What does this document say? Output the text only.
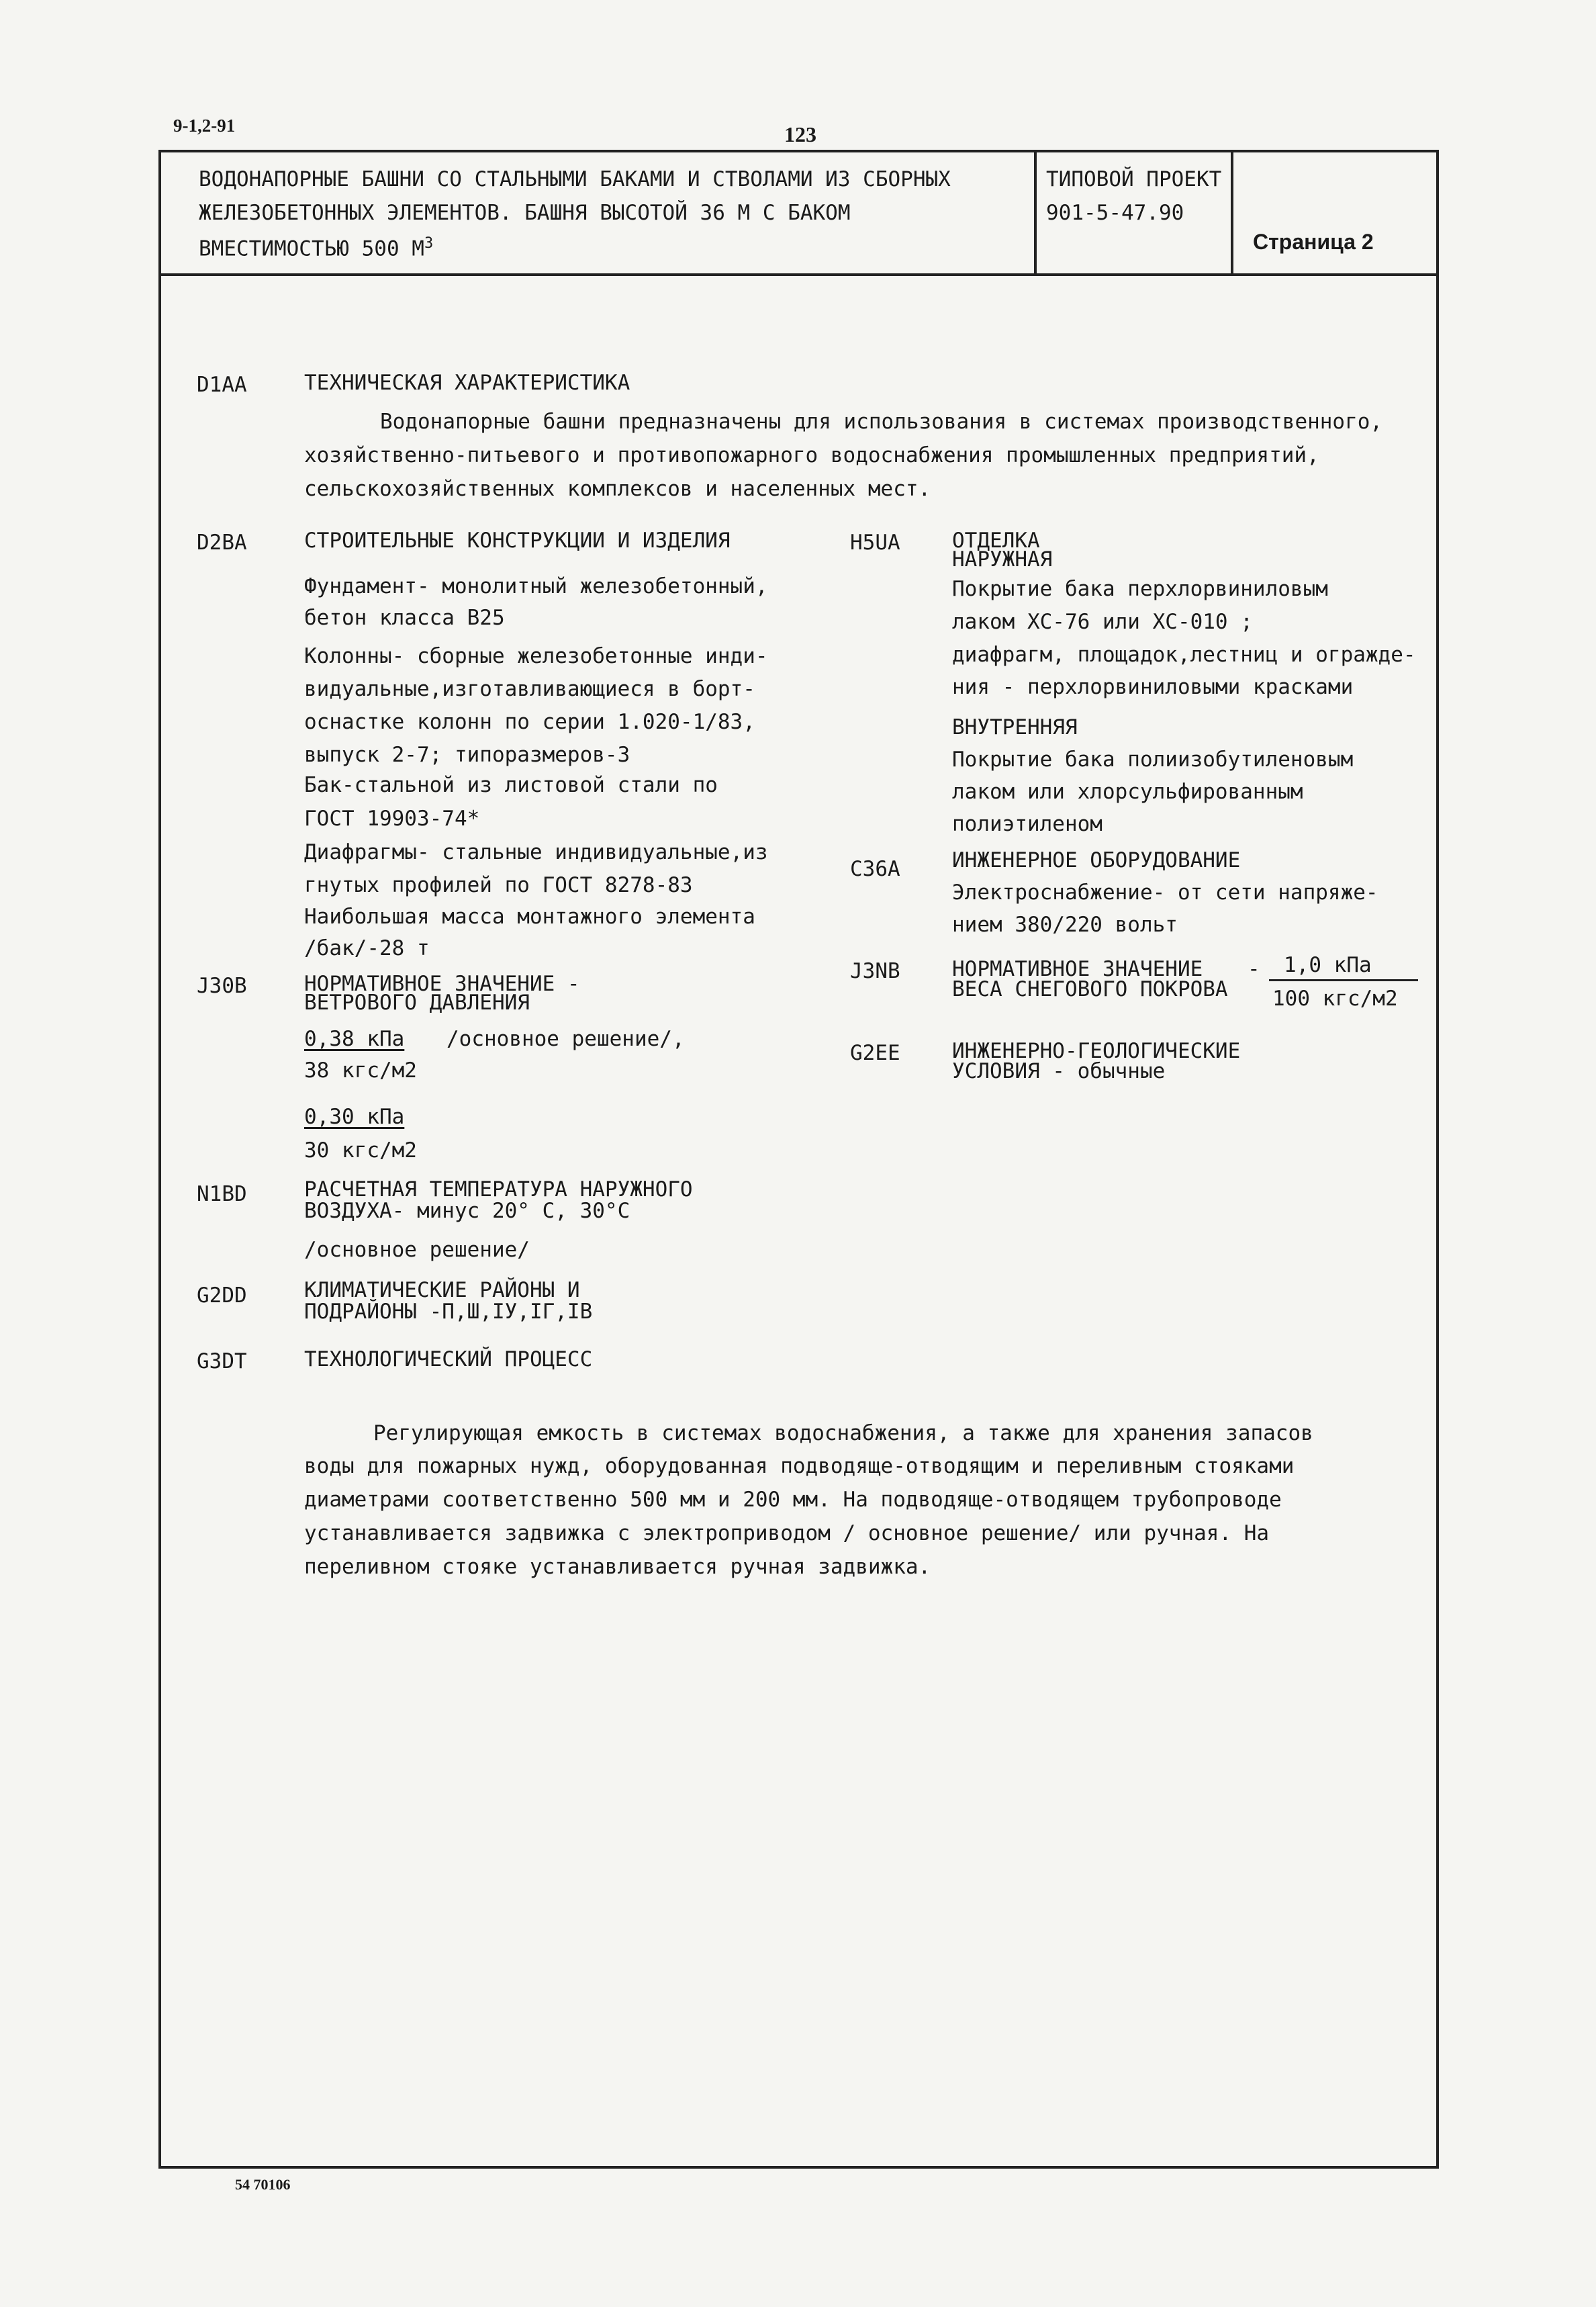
9-1,2-91	123
ВОДОНАПОРНЫЕ БАШНИ СО СТАЛЬНЫМИ БАКАМИ И СТВОЛАМИ ИЗ СБОРНЫХ
ЖЕЛЕЗОБЕТОННЫХ ЭЛЕМЕНТОВ. БАШНЯ ВЫСОТОЙ 36 М С БАКОМ
ВМЕСТИМОСТЬЮ 500 $М^3$
ТИПОВОЙ ПРОЕКТ
901-5-47.90
Страница 2
D1AA	ТЕХНИЧЕСКАЯ ХАРАКТЕРИСТИКА
Водонапорные башни предназначены для использования в системах производственного,
хозяйственно-питьевого и противопожарного водоснабжения промышленных предприятий,
сельскохозяйственных комплексов и населенных мест.
D2BA	СТРОИТЕЛЬНЫЕ КОНСТРУКЦИИ И ИЗДЕЛИЯ
Фундамент- монолитный железобетонный,
бетон класса В25
Колонны- сборные железобетонные инди-
видуальные,изготавливающиеся в борт-
оснастке колонн по серии 1.020-1/83,
выпуск 2-7; типоразмеров-3
Бак-стальной из листовой стали по
ГОСТ 19903-74*
Диафрагмы- стальные индивидуальные,из
гнутых профилей по ГОСТ 8278-83
Наибольшая масса монтажного элемента
/бак/-28 т
H5UA ОТДЕЛКА
НАРУЖНАЯ
Покрытие бака перхлорвиниловым
лаком ХС-76 или ХС-010 ;
диафрагм, площадок,лестниц и огражде-
ния - перхлорвиниловыми красками
ВНУТРЕННЯЯ
Покрытие бака полиизобутиленовым
лаком или хлорсульфированным
полиэтиленом
C36A ИНЖЕНЕРНОЕ ОБОРУДОВАНИЕ
Электроснабжение- от сети напряже-
нием 380/220 вольт
J30B	НОРМАТИВНОЕ ЗНАЧЕНИЕ -
ВЕТРОВОГО ДАВЛЕНИЯ
0,38 кПа /основное решение/,
38 кгс/м2
0,30 кПа
30 кгс/м2
J3NB НОРМАТИВНОЕ ЗНАЧЕНИЕ
ВЕСА СНЕГОВОГО ПОКРОВА
- 1,0 кПа
100 кгс/м2
G2EE ИНЖЕНЕРНО-ГЕОЛОГИЧЕСКИЕ
УСЛОВИЯ - обычные
N1BD	РАСЧЕТНАЯ ТЕМПЕРАТУРА НАРУЖНОГО
ВОЗДУХА- минус 20° С, 30°С
/основное решение/
G2DD	КЛИМАТИЧЕСКИЕ РАЙОНЫ И
ПОДРАЙОНЫ -П,Ш,IУ,IГ,IВ
G3DT	ТЕХНОЛОГИЧЕСКИЙ ПРОЦЕСС
Регулирующая емкость в системах водоснабжения, а также для хранения запасов
воды для пожарных нужд, оборудованная подводяще-отводящим и переливным стояками
диаметрами соответственно 500 мм и 200 мм. На подводяще-отводящем трубопроводе
устанавливается задвижка с электроприводом / основное решение/ или ручная. На
переливном стояке устанавливается ручная задвижка.
54 70106
